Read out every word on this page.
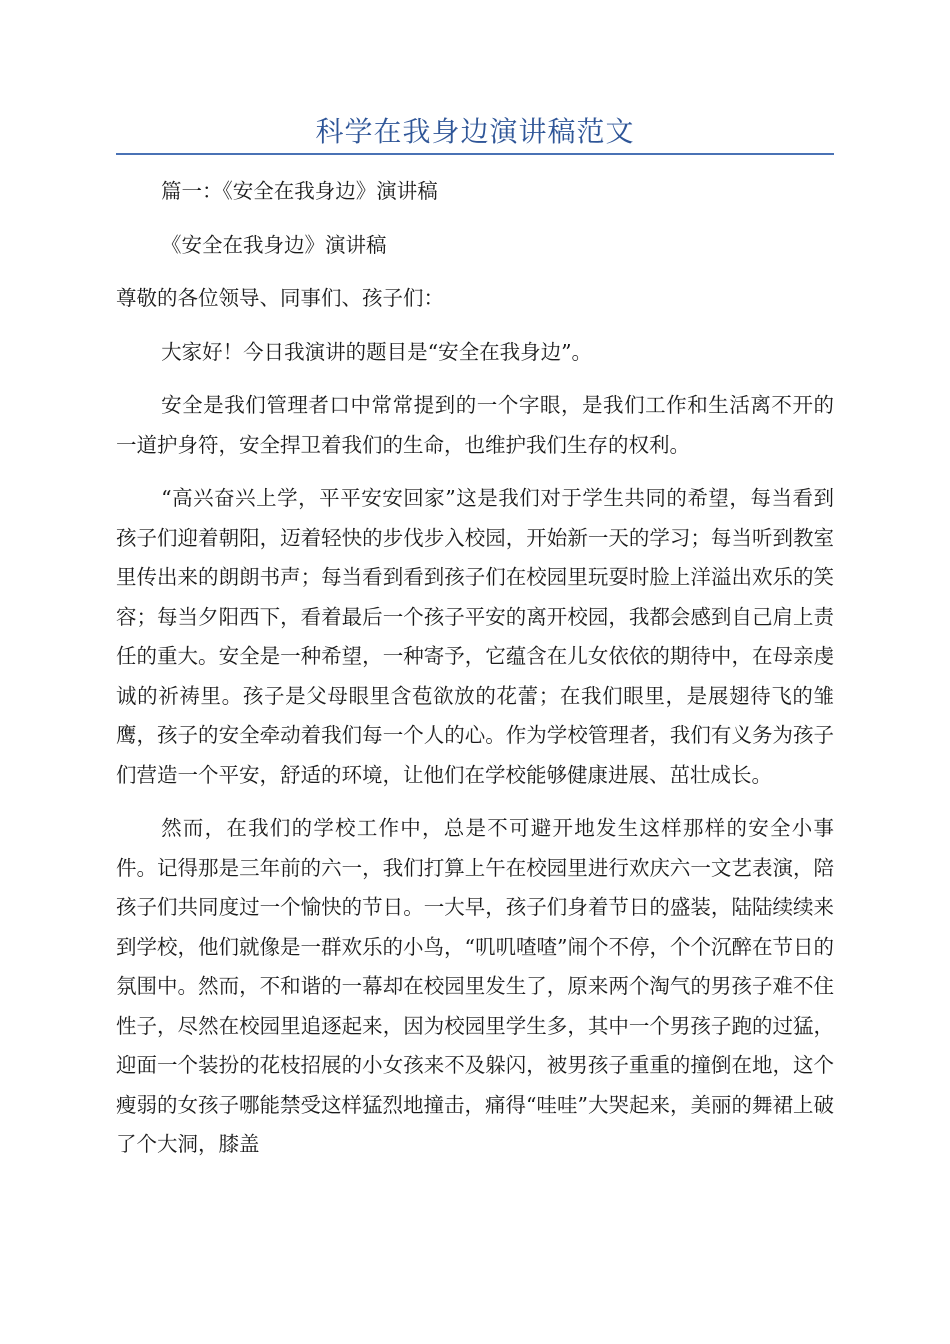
科学在我身边演讲稿范文

篇一：《安全在我身边》演讲稿

《安全在我身边》演讲稿

尊敬的各位领导、同事们、孩子们：

大家好！今日我演讲的题目是“安全在我身边”。

安全是我们管理者口中常常提到的一个字眼，是我们工作和生活离不开的一道护身符，安全捍卫着我们的生命，也维护我们生存的权利。

“高兴奋兴上学，平平安安回家”这是我们对于学生共同的希望，每当看到孩子们迎着朝阳，迈着轻快的步伐步入校园，开始新一天的学习；每当听到教室里传出来的朗朗书声；每当看到看到孩子们在校园里玩耍时脸上洋溢出欢乐的笑容；每当夕阳西下，看着最后一个孩子平安的离开校园，我都会感到自己肩上责任的重大。安全是一种希望，一种寄予，它蕴含在儿女依依的期待中，在母亲虔诚的祈祷里。孩子是父母眼里含苞欲放的花蕾；在我们眼里，是展翅待飞的雏鹰，孩子的安全牵动着我们每一个人的心。作为学校管理者，我们有义务为孩子们营造一个平安，舒适的环境，让他们在学校能够健康进展、茁壮成长。

然而，在我们的学校工作中，总是不可避开地发生这样那样的安全小事件。记得那是三年前的六一，我们打算上午在校园里进行欢庆六一文艺表演，陪孩子们共同度过一个愉快的节日。一大早，孩子们身着节日的盛装，陆陆续续来到学校，他们就像是一群欢乐的小鸟，“叽叽喳喳”闹个不停，个个沉醉在节日的氛围中。然而，不和谐的一幕却在校园里发生了，原来两个淘气的男孩子难不住性子，尽然在校园里追逐起来，因为校园里学生多，其中一个男孩子跑的过猛，迎面一个装扮的花枝招展的小女孩来不及躲闪，被男孩子重重的撞倒在地，这个瘦弱的女孩子哪能禁受这样猛烈地撞击，痛得“哇哇”大哭起来，美丽的舞裙上破了个大洞，膝盖
